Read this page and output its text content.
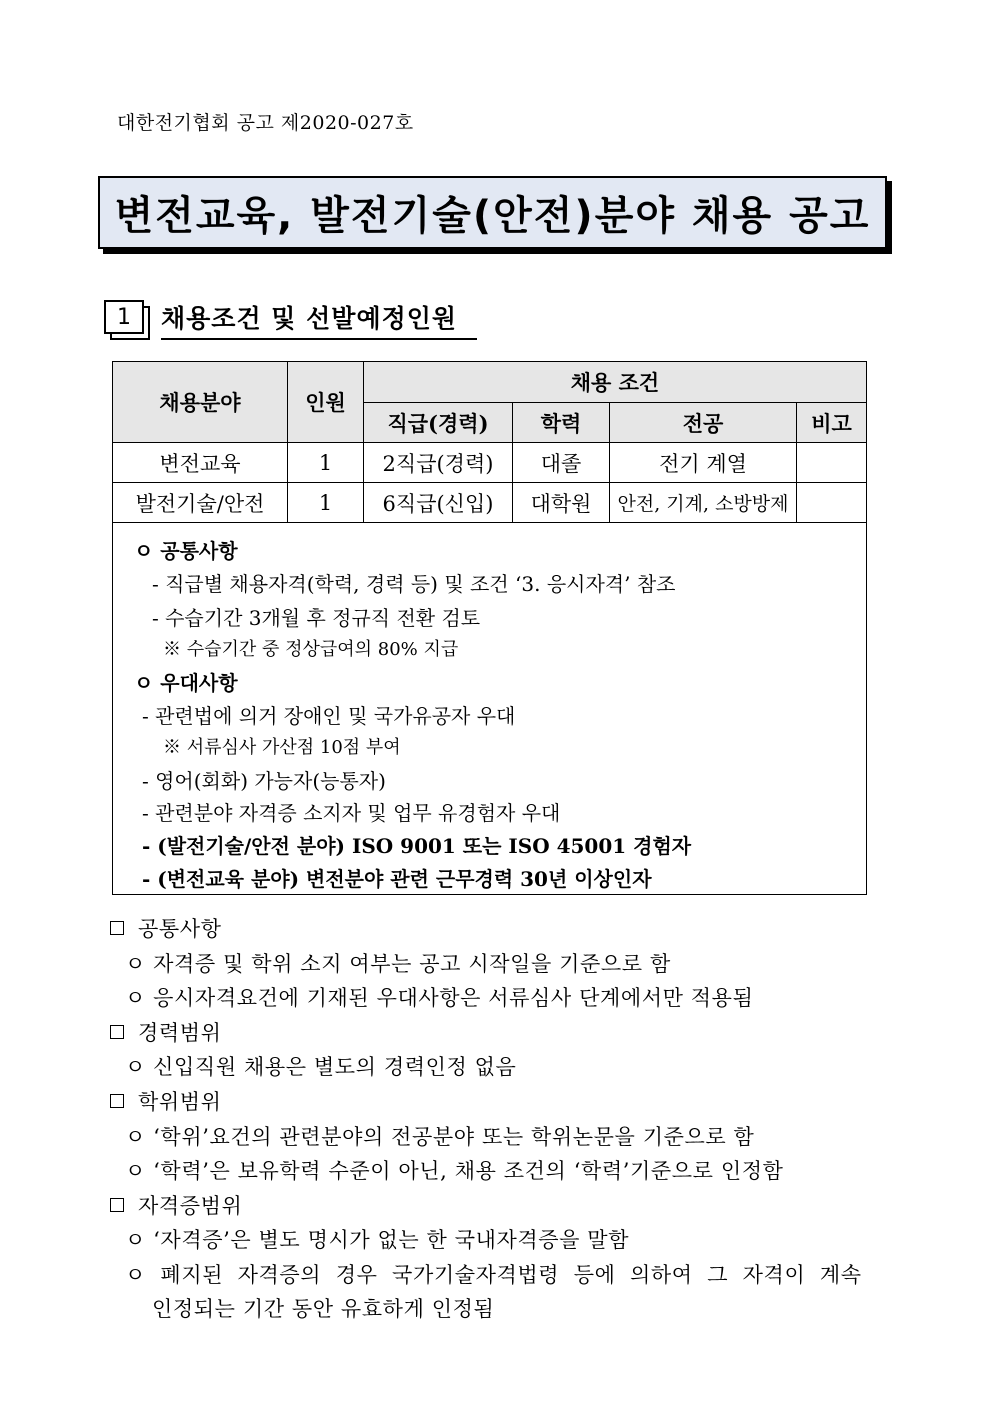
대한전기협회 공고 제2020-027호
변전교육, 발전기술(안전)분야 채용 공고
1	채용조건 및 선발예정인원
채용분야	인원	채용 조건			
		직급(경력)	학력	전공	비고
변전교육	1	2직급(경력)	대졸	전기 계열	
발전기술/안전	1	6직급(신입)	대학원	안전, 기계, 소방방제	
ㅇ 공통사항
- 직급별 채용자격(학력, 경력 등) 및 조건 ‘3. 응시자격’ 참조
- 수습기간 3개월 후 정규직 전환 검토
※ 수습기간 중 정상급여의 80% 지급
ㅇ 우대사항
- 관련법에 의거 장애인 및 국가유공자 우대
※ 서류심사 가산점 10점 부여
- 영어(회화) 가능자(능통자)
- 관련분야 자격증 소지자 및 업무 유경험자 우대
- (발전기술/안전 분야) ISO 9001 또는 ISO 45001 경험자
- (변전교육 분야) 변전분야 관련 근무경력 30년 이상인자
공통사항
ㅇ 자격증 및 학위 소지 여부는 공고 시작일을 기준으로 함
ㅇ 응시자격요건에 기재된 우대사항은 서류심사 단계에서만 적용됨
경력범위
ㅇ 신입직원 채용은 별도의 경력인정 없음
학위범위
ㅇ ‘학위’요건의 관련분야의 전공분야 또는 학위논문을 기준으로 함
ㅇ ‘학력’은 보유학력 수준이 아닌, 채용 조건의 ‘학력’기준으로 인정함
자격증범위
ㅇ ‘자격증’은 별도 명시가 없는 한 국내자격증을 말함
ㅇ  폐지된  자격증의  경우  국가기술자격법령  등에  의하여  그  자격이  계속
인정되는 기간 동안 유효하게 인정됨
